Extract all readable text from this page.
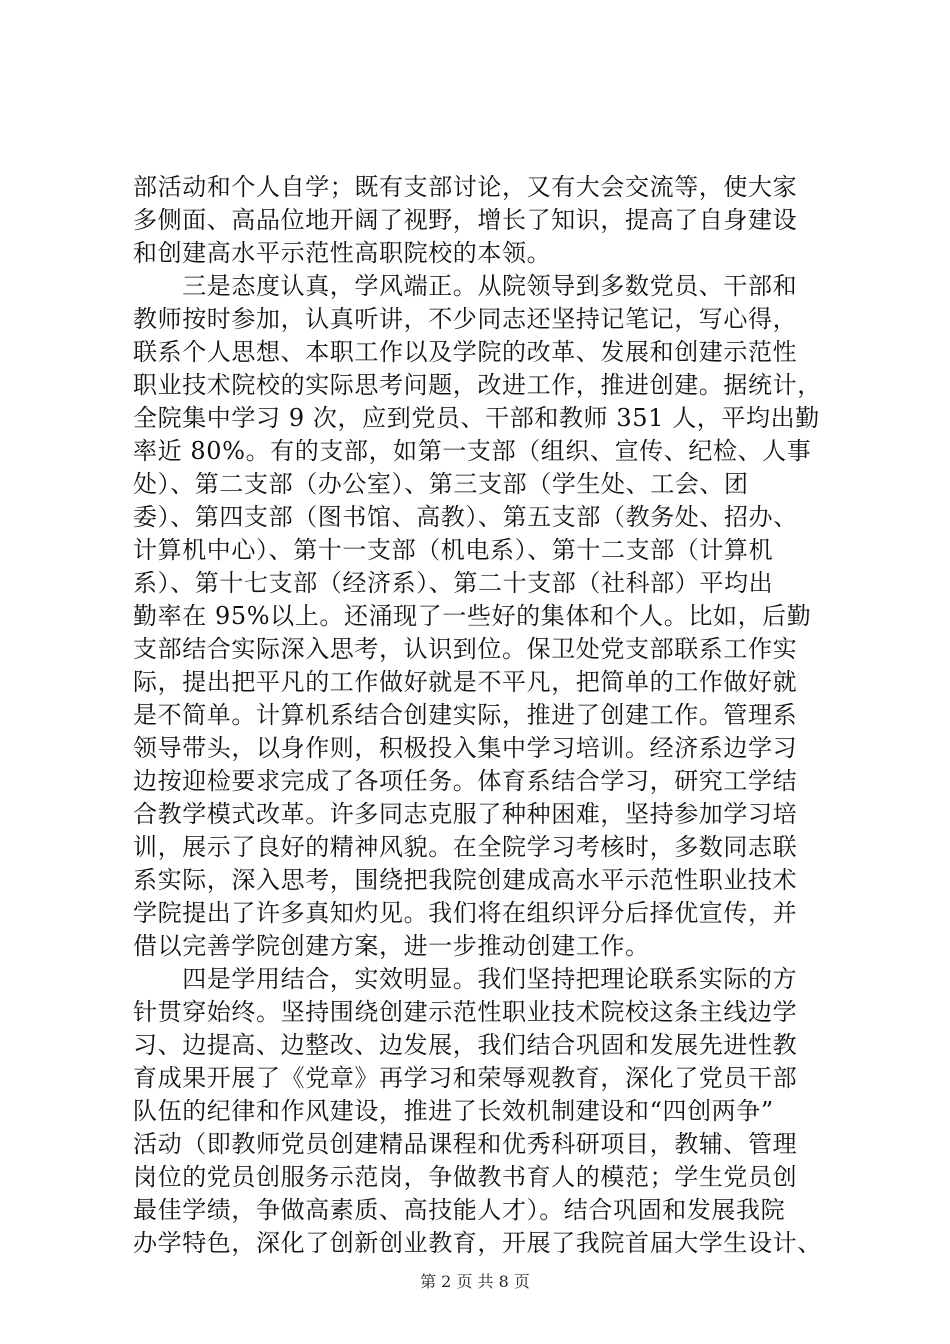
部活动和个人自学；既有支部讨论，又有大会交流等，使大家
多侧面、高品位地开阔了视野，增长了知识，提高了自身建设
和创建高水平示范性高职院校的本领。
　　三是态度认真，学风端正。从院领导到多数党员、干部和
教师按时参加，认真听讲，不少同志还坚持记笔记，写心得，
联系个人思想、本职工作以及学院的改革、发展和创建示范性
职业技术院校的实际思考问题，改进工作，推进创建。据统计，
全院集中学习 9 次，应到党员、干部和教师 351 人，平均出勤
率近 80%。有的支部，如第一支部（组织、宣传、纪检、人事
处）、第二支部（办公室）、第三支部（学生处、工会、团
委）、第四支部（图书馆、高教）、第五支部（教务处、招办、
计算机中心）、第十一支部（机电系）、第十二支部（计算机
系）、第十七支部（经济系）、第二十支部（社科部）平均出
勤率在 95%以上。还涌现了一些好的集体和个人。比如，后勤
支部结合实际深入思考，认识到位。保卫处党支部联系工作实
际，提出把平凡的工作做好就是不平凡，把简单的工作做好就
是不简单。计算机系结合创建实际，推进了创建工作。管理系
领导带头，以身作则，积极投入集中学习培训。经济系边学习
边按迎检要求完成了各项任务。体育系结合学习，研究工学结
合教学模式改革。许多同志克服了种种困难，坚持参加学习培
训，展示了良好的精神风貌。在全院学习考核时，多数同志联
系实际，深入思考，围绕把我院创建成高水平示范性职业技术
学院提出了许多真知灼见。我们将在组织评分后择优宣传，并
借以完善学院创建方案，进一步推动创建工作。
　　四是学用结合，实效明显。我们坚持把理论联系实际的方
针贯穿始终。坚持围绕创建示范性职业技术院校这条主线边学
习、边提高、边整改、边发展，我们结合巩固和发展先进性教
育成果开展了《党章》再学习和荣辱观教育，深化了党员干部
队伍的纪律和作风建设，推进了长效机制建设和“四创两争”
活动（即教师党员创建精品课程和优秀科研项目，教辅、管理
岗位的党员创服务示范岗，争做教书育人的模范；学生党员创
最佳学绩，争做高素质、高技能人才）。结合巩固和发展我院
办学特色，深化了创新创业教育，开展了我院首届大学生设计、
第 2 页 共 8 页
